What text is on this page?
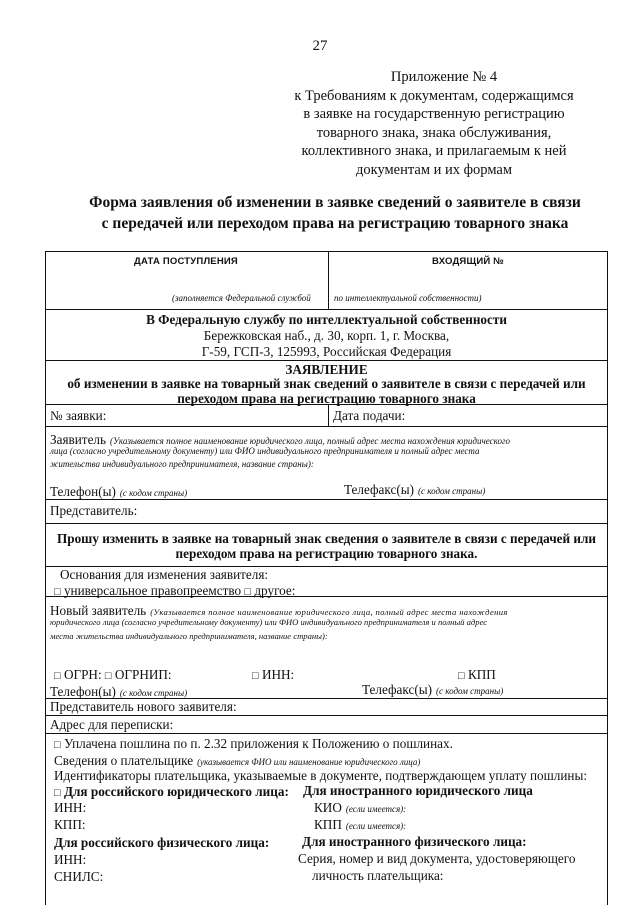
27
Приложение № 4
к Требованиям к документам, содержащимся
в заявке на государственную регистрацию
товарного знака, знака обслуживания,
коллективного знака, и прилагаемым к ней
документам и их формам
Форма заявления об изменении в заявке сведений о заявителе в связи
с передачей или переходом права на регистрацию товарного знака
ДАТА ПОСТУПЛЕНИЯ	ВХОДЯЩИЙ №
(заполняется Федеральной службой	по интеллектуальной собственности)
В Федеральную службу по интеллектуальной собственности
Бережковская наб., д. 30, корп. 1, г. Москва,
Г-59, ГСП-3, 125993, Российская Федерация
ЗАЯВЛЕНИЕ
об изменении в заявке на товарный знак сведений о заявителе в связи с передачей или
переходом права на регистрацию товарного знака
№ заявки:	Дата подачи:
Заявитель (Указывается полное наименование юридического лица, полный адрес места нахождения юридического
лица (согласно учредительному документу) или ФИО индивидуального предпринимателя и полный адрес места
жительства индивидуального предпринимателя, название страны):
Телефон(ы) (с кодом страны)	Телефакс(ы) (с кодом страны)
Представитель:
Прошу изменить в заявке на товарный знак сведения о заявителе в связи с передачей или
переходом права на регистрацию товарного знака.
Основания для изменения заявителя:
□ универсальное правопреемство □ другое:
Новый заявитель (Указывается полное наименование юридического лица, полный адрес места нахождения
юридического лица (согласно учредительному документу) или ФИО индивидуального предпринимателя и полный адрес
места жительства индивидуального предпринимателя, название страны):
□ ОГРН: □ ОГРНИП:	□ ИНН:	□ КПП
Телефон(ы) (с кодом страны)	Телефакс(ы) (с кодом страны)
Представитель нового заявителя:
Адрес для переписки:
□ Уплачена пошлина по п. 2.32 приложения к Положению о пошлинах.
Сведения о плательщике (указывается ФИО или наименование юридического лица)
Идентификаторы плательщика, указываемые в документе, подтверждающем уплату пошлины:
□ Для российского юридического лица: Для иностранного юридического лица
ИНН:	КИО (если имеется):
КПП:	КПП (если имеется):
Для российского физического лица: Для иностранного физического лица:
ИНН:	Серия, номер и вид документа, удостоверяющего
СНИЛС:	личность плательщика:
